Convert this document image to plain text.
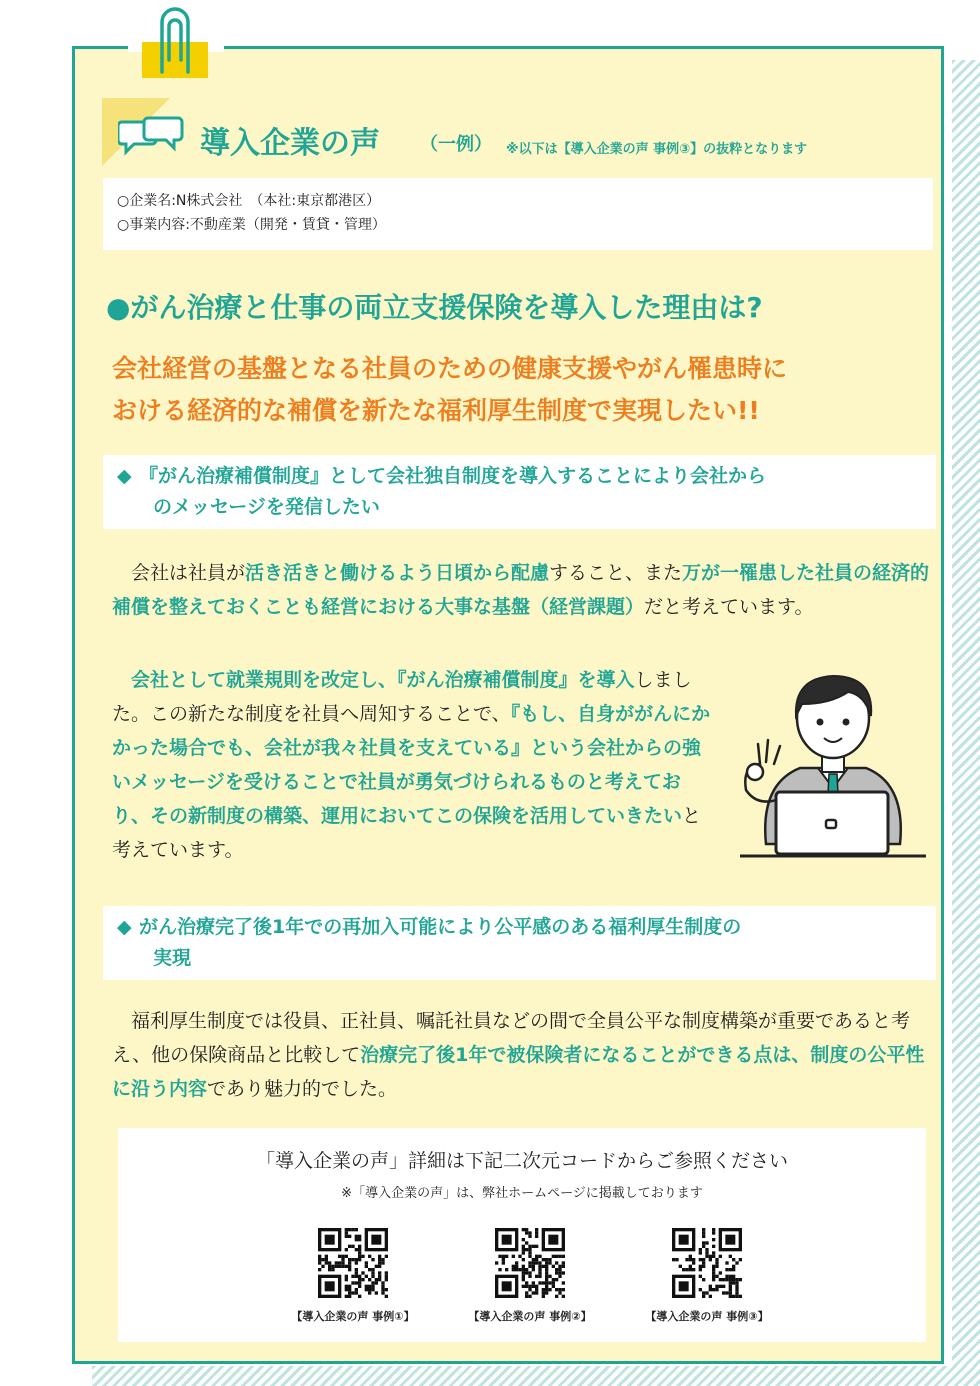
導入企業の声 （一例） ※以下は【導入企業の声 事例③】の抜粋となります
○企業名:N株式会社　（本社:東京都港区）
○事業内容:不動産業（開発・賃貸・管理）
●がん治療と仕事の両立支援保険を導入した理由は?
会社経営の基盤となる社員のための健康支援やがん罹患時に
おける経済的な補償を新たな福利厚生制度で実現したい!!
◆ 『がん治療補償制度』として会社独自制度を導入することにより会社から
のメッセージを発信したい
会社は社員が活き活きと働けるよう日頃から配慮すること、また万が一罹患した社員の経済的補償を整えておくことも経営における大事な基盤（経営課題）だと考えています。
会社として就業規則を改定し、『がん治療補償制度』を導入しました。この新たな制度を社員へ周知することで、『もし、自身ががんにかかった場合でも、会社が我々社員を支えている』という会社からの強いメッセージを受けることで社員が勇気づけられるものと考えており、その新制度の構築、運用においてこの保険を活用していきたいと考えています。
◆ がん治療完了後1年での再加入可能により公平感のある福利厚生制度の
実現
福利厚生制度では役員、正社員、嘱託社員などの間で全員公平な制度構築が重要であると考え、他の保険商品と比較して治療完了後1年で被保険者になることができる点は、制度の公平性に沿う内容であり魅力的でした。
「導入企業の声」詳細は下記二次元コードからご参照ください
※「導入企業の声」は、弊社ホームページに掲載しております
【導入企業の声 事例①】	【導入企業の声 事例②】	【導入企業の声 事例③】
